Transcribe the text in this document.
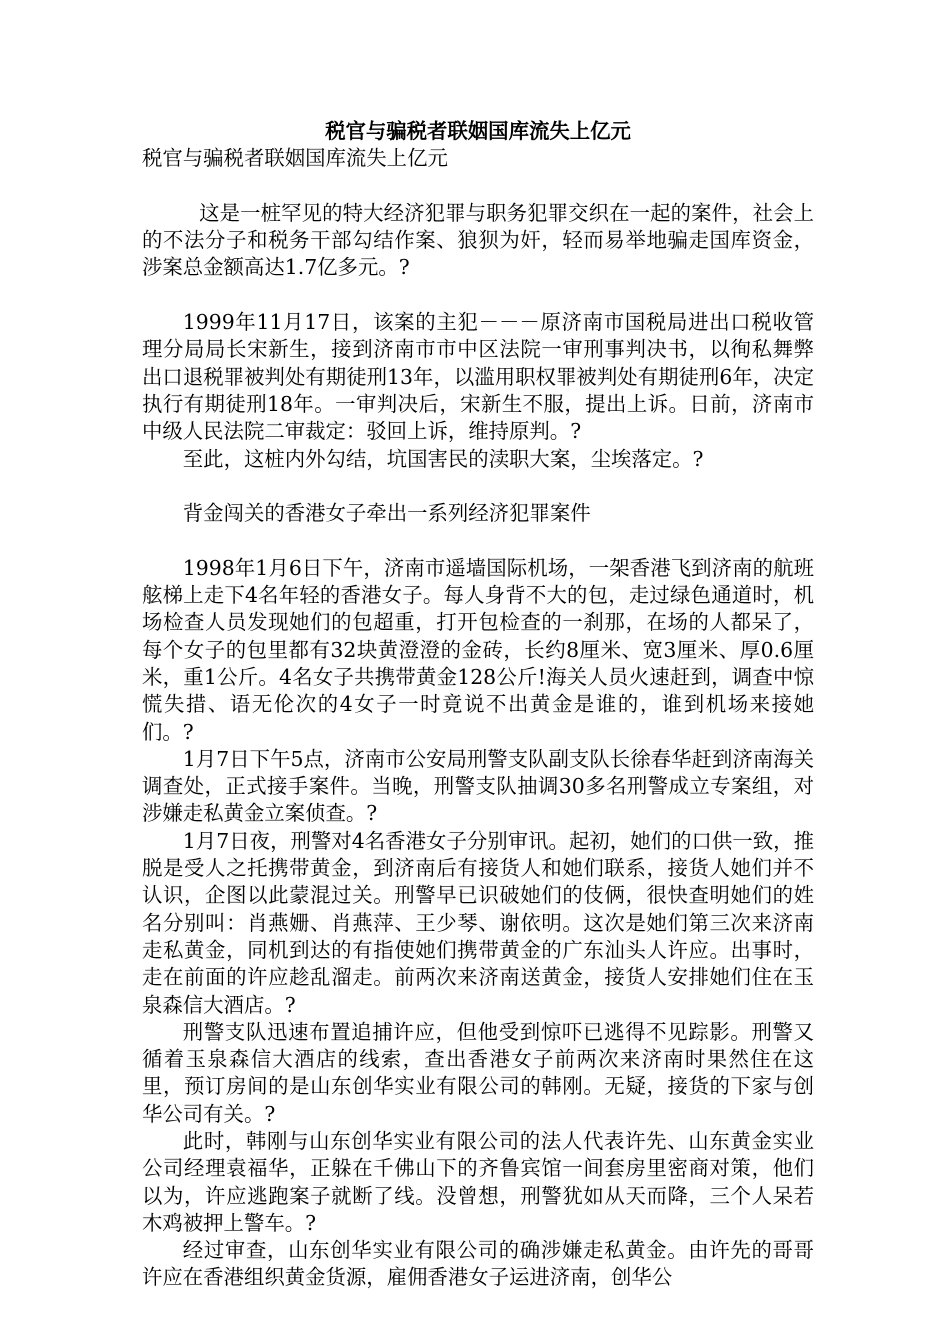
税官与骗税者联姻国库流失上亿元

税官与骗税者联姻国库流失上亿元

这是一桩罕见的特大经济犯罪与职务犯罪交织在一起的案件，社会上的不法分子和税务干部勾结作案、狼狈为奸，轻而易举地骗走国库资金，涉案总金额高达1.7亿多元。?

1999年11月17日，该案的主犯－－－原济南市国税局进出口税收管理分局局长宋新生，接到济南市市中区法院一审刑事判决书，以徇私舞弊出口退税罪被判处有期徒刑13年，以滥用职权罪被判处有期徒刑6年，决定执行有期徒刑18年。一审判决后，宋新生不服，提出上诉。日前，济南市中级人民法院二审裁定：驳回上诉，维持原判。?

至此，这桩内外勾结，坑国害民的渎职大案，尘埃落定。?

背金闯关的香港女子牵出一系列经济犯罪案件

1998年1月6日下午，济南市遥墙国际机场，一架香港飞到济南的航班舷梯上走下4名年轻的香港女子。每人身背不大的包，走过绿色通道时，机场检查人员发现她们的包超重，打开包检查的一刹那，在场的人都呆了，每个女子的包里都有32块黄澄澄的金砖，长约8厘米、宽3厘米、厚0.6厘米，重1公斤。4名女子共携带黄金128公斤!海关人员火速赶到，调查中惊慌失措、语无伦次的4女子一时竟说不出黄金是谁的，谁到机场来接她们。?

1月7日下午5点，济南市公安局刑警支队副支队长徐春华赶到济南海关调查处，正式接手案件。当晚，刑警支队抽调30多名刑警成立专案组，对涉嫌走私黄金立案侦查。?

1月7日夜，刑警对4名香港女子分别审讯。起初，她们的口供一致，推脱是受人之托携带黄金，到济南后有接货人和她们联系，接货人她们并不认识，企图以此蒙混过关。刑警早已识破她们的伎俩，很快查明她们的姓名分别叫：肖燕姗、肖燕萍、王少琴、谢依明。这次是她们第三次来济南走私黄金，同机到达的有指使她们携带黄金的广东汕头人许应。出事时，走在前面的许应趁乱溜走。前两次来济南送黄金，接货人安排她们住在玉泉森信大酒店。?

刑警支队迅速布置追捕许应，但他受到惊吓已逃得不见踪影。刑警又循着玉泉森信大酒店的线索，查出香港女子前两次来济南时果然住在这里，预订房间的是山东创华实业有限公司的韩刚。无疑，接货的下家与创华公司有关。?

此时，韩刚与山东创华实业有限公司的法人代表许先、山东黄金实业公司经理袁福华，正躲在千佛山下的齐鲁宾馆一间套房里密商对策，他们以为，许应逃跑案子就断了线。没曾想，刑警犹如从天而降，三个人呆若木鸡被押上警车。?

经过审查，山东创华实业有限公司的确涉嫌走私黄金。由许先的哥哥许应在香港组织黄金货源，雇佣香港女子运进济南，创华公
